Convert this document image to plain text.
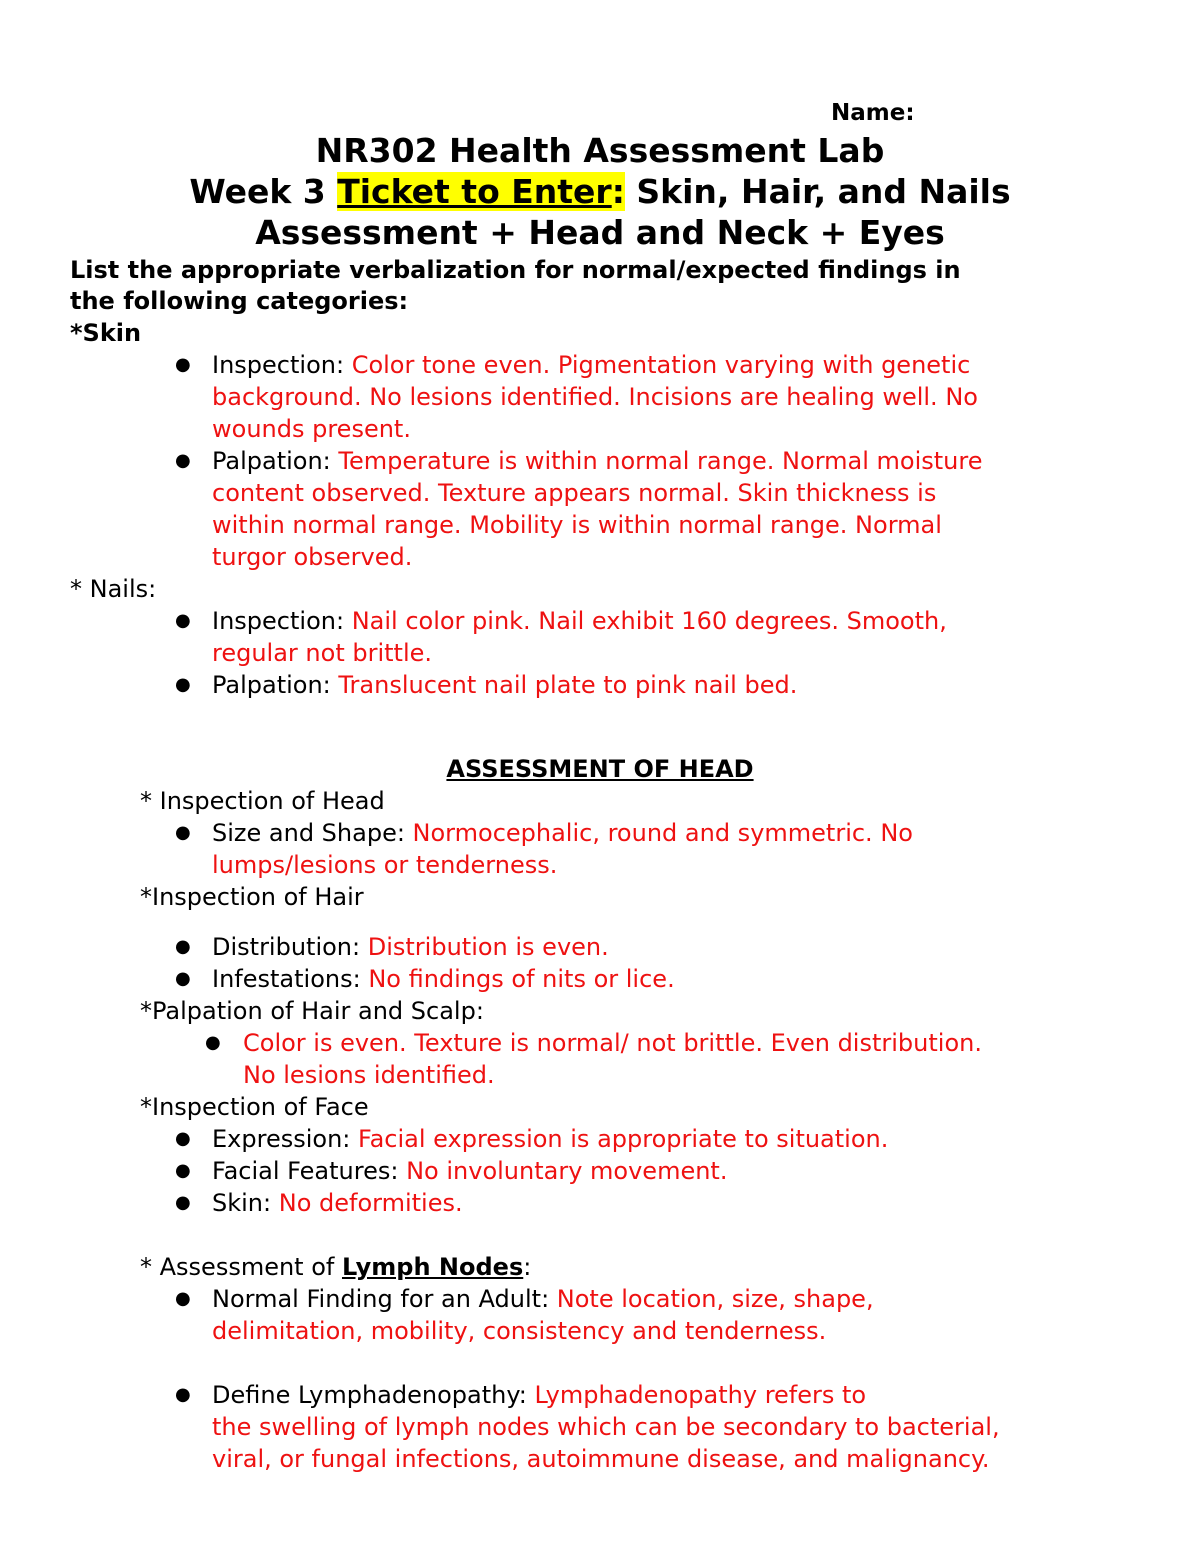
Name:
NR302 Health Assessment Lab
Week 3 Ticket to Enter: Skin, Hair, and Nails
Assessment + Head and Neck + Eyes
List the appropriate verbalization for normal/expected findings in
the following categories:
*Skin
● Inspection: Color tone even. Pigmentation varying with genetic
background. No lesions identified. Incisions are healing well. No
wounds present.
● Palpation: Temperature is within normal range. Normal moisture
content observed. Texture appears normal. Skin thickness is
within normal range. Mobility is within normal range. Normal
turgor observed.
* Nails:
● Inspection: Nail color pink. Nail exhibit 160 degrees. Smooth,
regular not brittle.
● Palpation: Translucent nail plate to pink nail bed.
ASSESSMENT OF HEAD
* Inspection of Head
● Size and Shape: Normocephalic, round and symmetric. No
lumps/lesions or tenderness.
*Inspection of Hair
● Distribution: Distribution is even.
● Infestations: No findings of nits or lice.
*Palpation of Hair and Scalp:
● Color is even. Texture is normal/ not brittle. Even distribution.
No lesions identified.
*Inspection of Face
● Expression: Facial expression is appropriate to situation.
● Facial Features: No involuntary movement.
● Skin: No deformities.
* Assessment of Lymph Nodes:
● Normal Finding for an Adult: Note location, size, shape,
delimitation, mobility, consistency and tenderness.
● Define Lymphadenopathy: Lymphadenopathy refers to
the swelling of lymph nodes which can be secondary to bacterial,
viral, or fungal infections, autoimmune disease, and malignancy.
